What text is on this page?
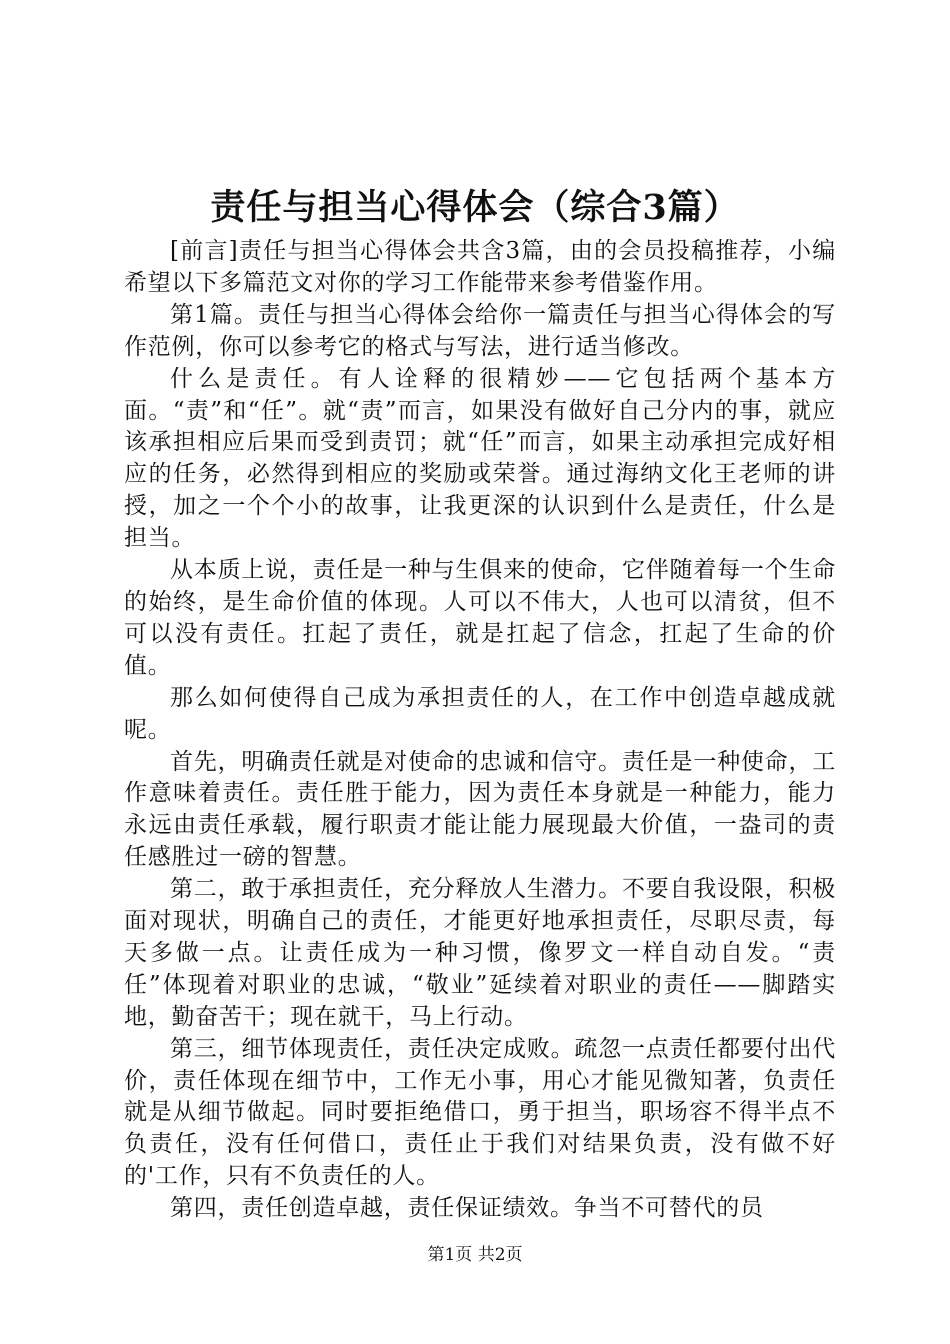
责任与担当心得体会（综合3篇）

[前言]责任与担当心得体会共含3篇，由的会员投稿推荐，小编希望以下多篇范文对你的学习工作能带来参考借鉴作用。

第1篇。责任与担当心得体会给你一篇责任与担当心得体会的写作范例，你可以参考它的格式与写法，进行适当修改。

什么是责任。有人诠释的很精妙——它包括两个基本方面。“责”和“任”。就“责”而言，如果没有做好自己分内的事，就应该承担相应后果而受到责罚；就“任”而言，如果主动承担完成好相应的任务，必然得到相应的奖励或荣誉。通过海纳文化王老师的讲授，加之一个个小的故事，让我更深的认识到什么是责任，什么是担当。

从本质上说，责任是一种与生俱来的使命，它伴随着每一个生命的始终，是生命价值的体现。人可以不伟大，人也可以清贫，但不可以没有责任。扛起了责任，就是扛起了信念，扛起了生命的价值。

那么如何使得自己成为承担责任的人，在工作中创造卓越成就呢。

首先，明确责任就是对使命的忠诚和信守。责任是一种使命，工作意味着责任。责任胜于能力，因为责任本身就是一种能力，能力永远由责任承载，履行职责才能让能力展现最大价值，一盎司的责任感胜过一磅的智慧。

第二，敢于承担责任，充分释放人生潜力。不要自我设限，积极面对现状，明确自己的责任，才能更好地承担责任，尽职尽责，每天多做一点。让责任成为一种习惯，像罗文一样自动自发。“责任”体现着对职业的忠诚，“敬业”延续着对职业的责任——脚踏实地，勤奋苦干；现在就干，马上行动。

第三，细节体现责任，责任决定成败。疏忽一点责任都要付出代价，责任体现在细节中，工作无小事，用心才能见微知著，负责任就是从细节做起。同时要拒绝借口，勇于担当，职场容不得半点不负责任，没有任何借口，责任止于我们对结果负责，没有做不好的'工作，只有不负责任的人。

第四，责任创造卓越，责任保证绩效。争当不可替代的员

第1页 共2页
